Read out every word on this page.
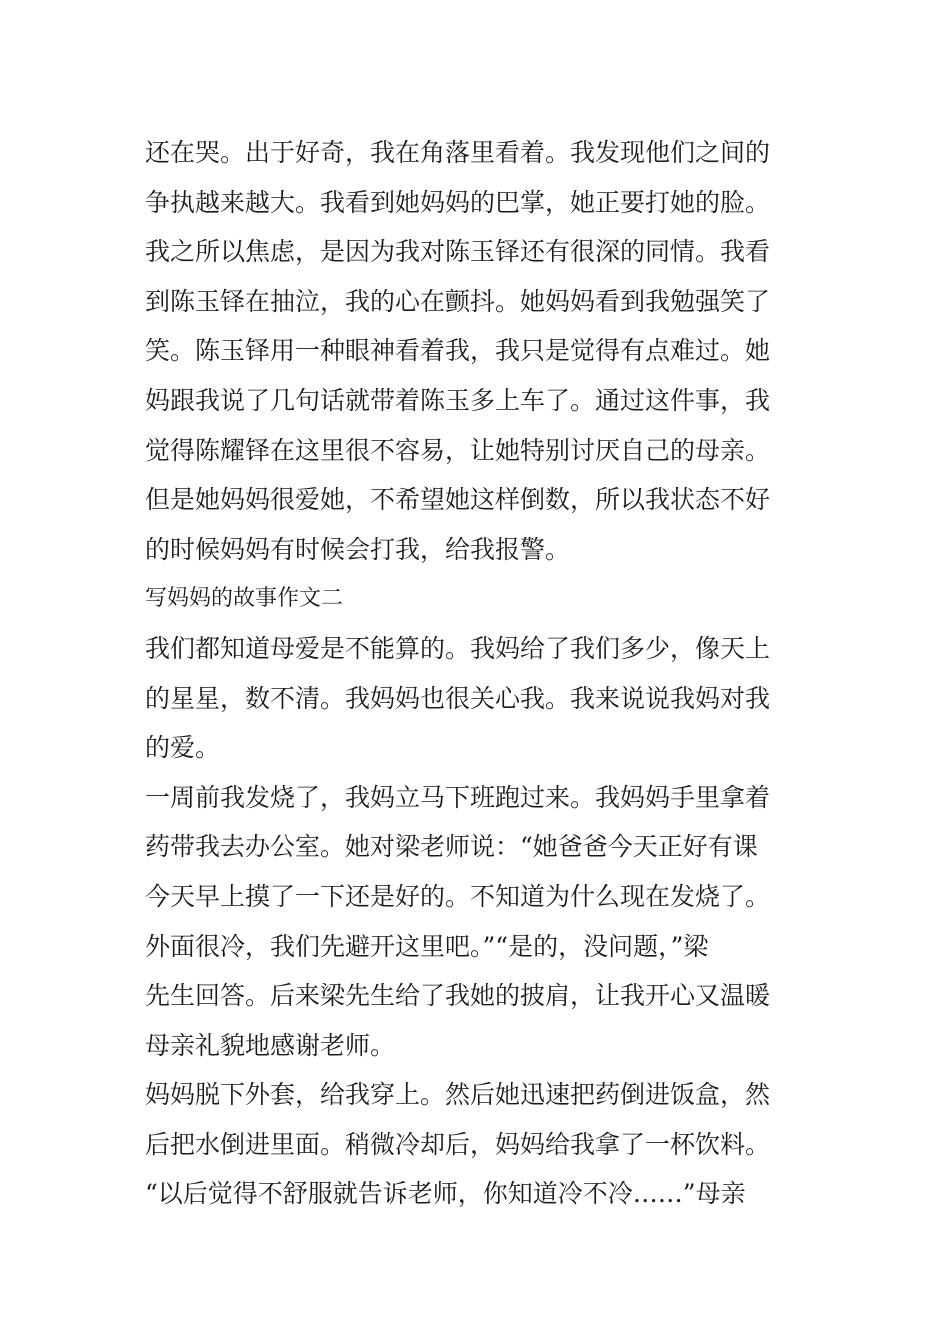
还在哭。出于好奇，我在角落里看着。我发现他们之间的
争执越来越大。我看到她妈妈的巴掌，她正要打她的脸。
我之所以焦虑，是因为我对陈玉铎还有很深的同情。我看
到陈玉铎在抽泣，我的心在颤抖。她妈妈看到我勉强笑了
笑。陈玉铎用一种眼神看着我，我只是觉得有点难过。她
妈跟我说了几句话就带着陈玉多上车了。通过这件事，我
觉得陈耀铎在这里很不容易，让她特别讨厌自己的母亲。
但是她妈妈很爱她，不希望她这样倒数，所以我状态不好
的时候妈妈有时候会打我，给我报警。
写妈妈的故事作文二
我们都知道母爱是不能算的。我妈给了我们多少，像天上
的星星，数不清。我妈妈也很关心我。我来说说我妈对我
的爱。
一周前我发烧了，我妈立马下班跑过来。我妈妈手里拿着
药带我去办公室。她对梁老师说：“她爸爸今天正好有课
今天早上摸了一下还是好的。不知道为什么现在发烧了。
外面很冷，我们先避开这里吧。”“是的，没问题，”梁
先生回答。后来梁先生给了我她的披肩，让我开心又温暖
母亲礼貌地感谢老师。
妈妈脱下外套，给我穿上。然后她迅速把药倒进饭盒，然
后把水倒进里面。稍微冷却后，妈妈给我拿了一杯饮料。
“以后觉得不舒服就告诉老师，你知道冷不冷……”母亲
